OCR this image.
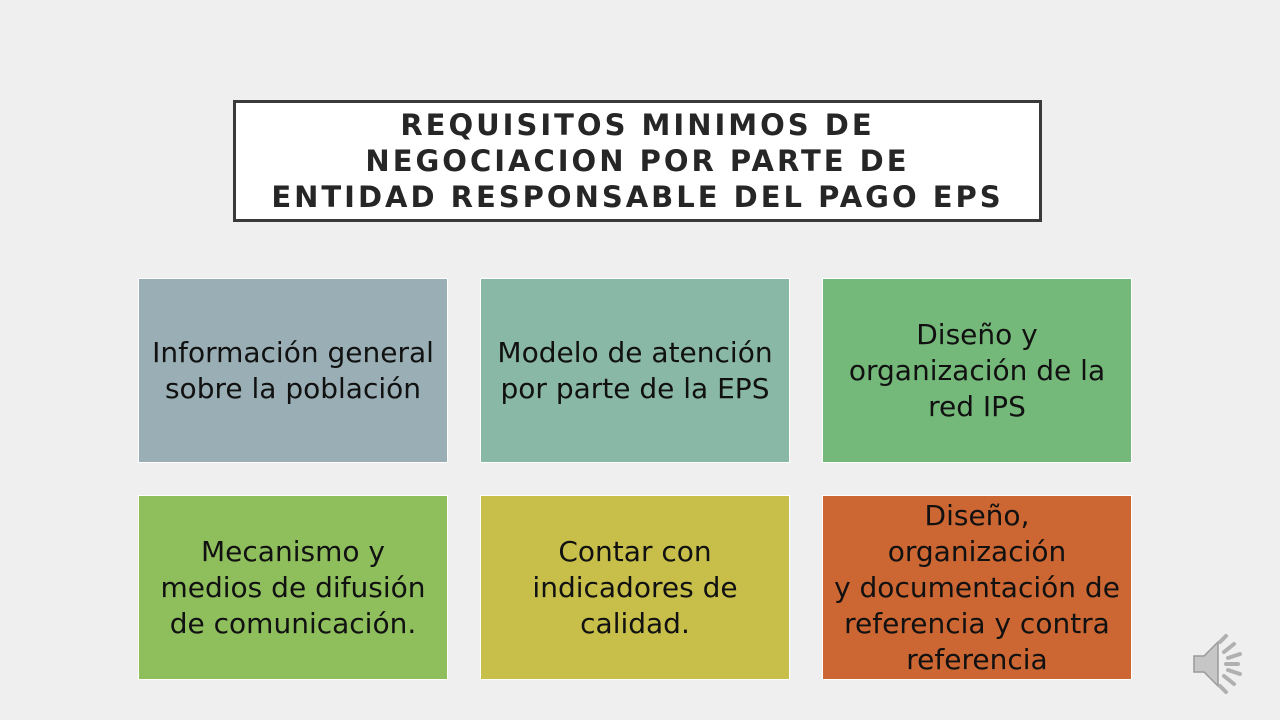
REQUISITOS MINIMOS DE
NEGOCIACION POR PARTE DE
ENTIDAD RESPONSABLE DEL PAGO EPS
Información general
sobre la población
Modelo de atención
por parte de la EPS
Diseño y
organización de la
red IPS
Mecanismo y
medios de difusión
de comunicación.
Contar con
indicadores de
calidad.
Diseño, organización
y documentación de
referencia y contra
referencia
